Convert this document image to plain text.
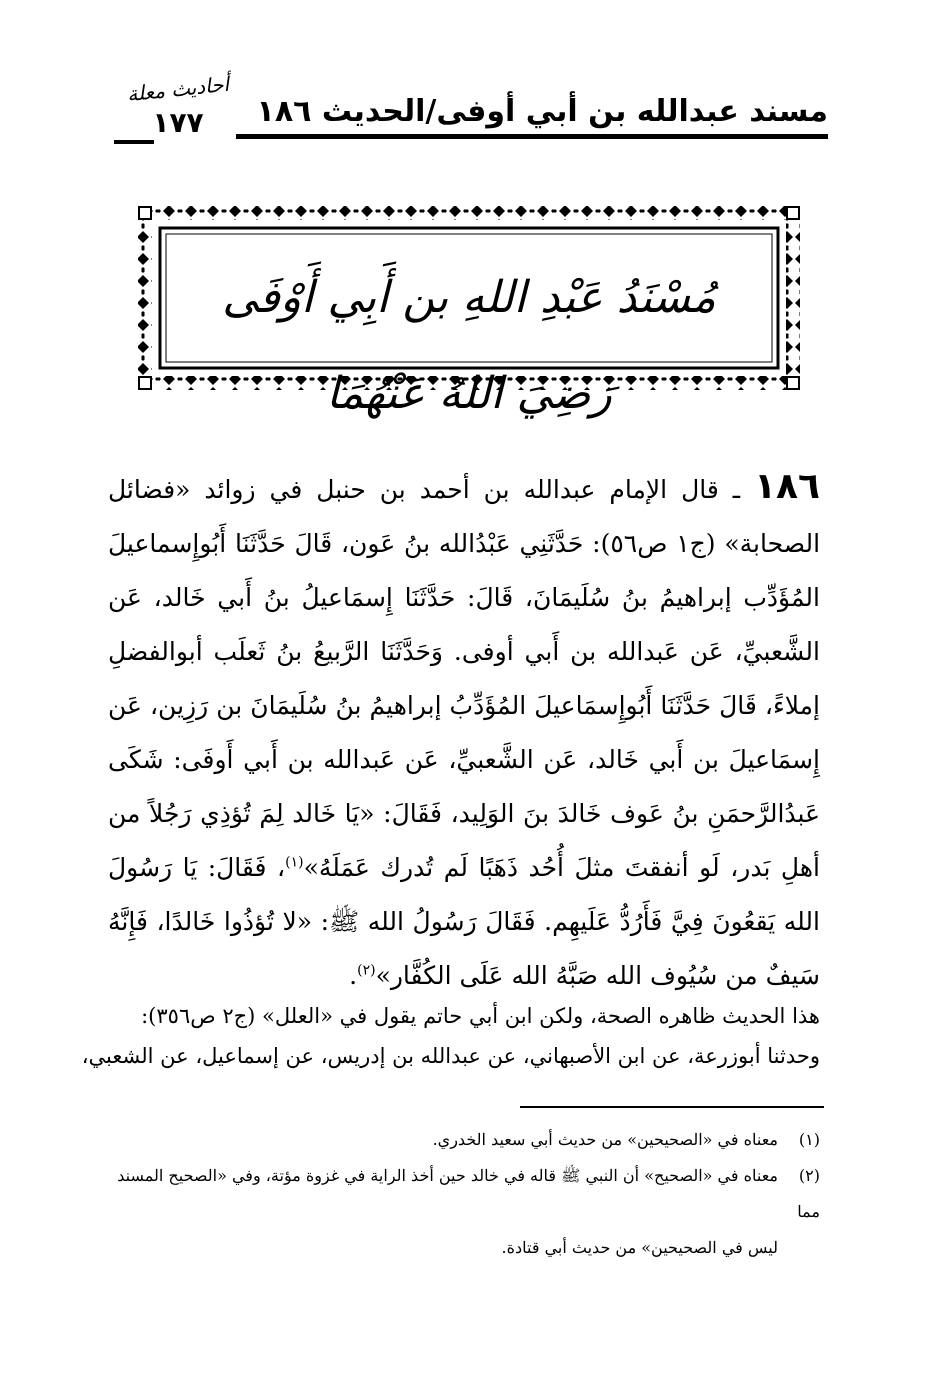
أحاديث معلة
١٧٧	مسند عبدالله بن أبي أوفى/الحديث ١٨٦
مُسْنَدُ عَبْدِ اللهِ بن أَبِي أَوْفَى رَضِيَ اللهُ عَنْهُمَا
١٨٦ ـ قال الإمام عبدالله بن أحمد بن حنبل في زوائد «فضائل الصحابة» (ج١ ص٥٦): حَدَّثَنِي عَبْدُالله بنُ عَون، قَالَ حَدَّثَنَا أَبُوإِسماعيلَ المُؤَدِّب إبراهيمُ بنُ سُلَيمَانَ، قَالَ: حَدَّثَنَا إِسمَاعيلُ بنُ أَبي خَالد، عَن الشَّعبيِّ، عَن عَبدالله بن أَبي أوفى. وَحَدَّثَنَا الرَّبيعُ بنُ ثَعلَب أبوالفضلِ إملاءً، قَالَ حَدَّثَنَا أَبُوإِسمَاعيلَ المُؤَدِّبُ إبراهيمُ بنُ سُلَيمَانَ بن رَزِين، عَن إِسمَاعيلَ بن أَبي خَالد، عَن الشَّعبيِّ، عَن عَبدالله بن أَبي أَوفَى: شَكَى عَبدُالرَّحمَنِ بنُ عَوف خَالدَ بنَ الوَلِيد، فَقَالَ: «يَا خَالد لِمَ تُؤذِي رَجُلاً من أهلِ بَدر، لَو أنفقتَ مثلَ أُحُد ذَهَبًا لَم تُدرك عَمَلَهُ»$^{(١)}$، فَقَالَ: يَا رَسُولَ الله يَقعُونَ فِيَّ فَأَرُدُّ عَلَيهِم. فَقَالَ رَسُولُ الله ﷺ: «لا تُؤذُوا خَالدًا، فَإِنَّهُ سَيفٌ من سُيُوف الله صَبَّهُ الله عَلَى الكُفَّار»$^{(٢)}$.
هذا الحديث ظاهره الصحة، ولكن ابن أبي حاتم يقول في «العلل» (ج٢ ص٣٥٦):
وحدثنا أبوزرعة، عن ابن الأصبهاني، عن عبدالله بن إدريس، عن إسماعيل، عن الشعبي،
(١)معناه في «الصحيحين» من حديث أبي سعيد الخدري.
(٢)معناه في «الصحيح» أن النبي ﷺ قاله في خالد حين أخذ الراية في غزوة مؤتة، وفي «الصحيح المسند مما
ليس في الصحيحين» من حديث أبي قتادة.
